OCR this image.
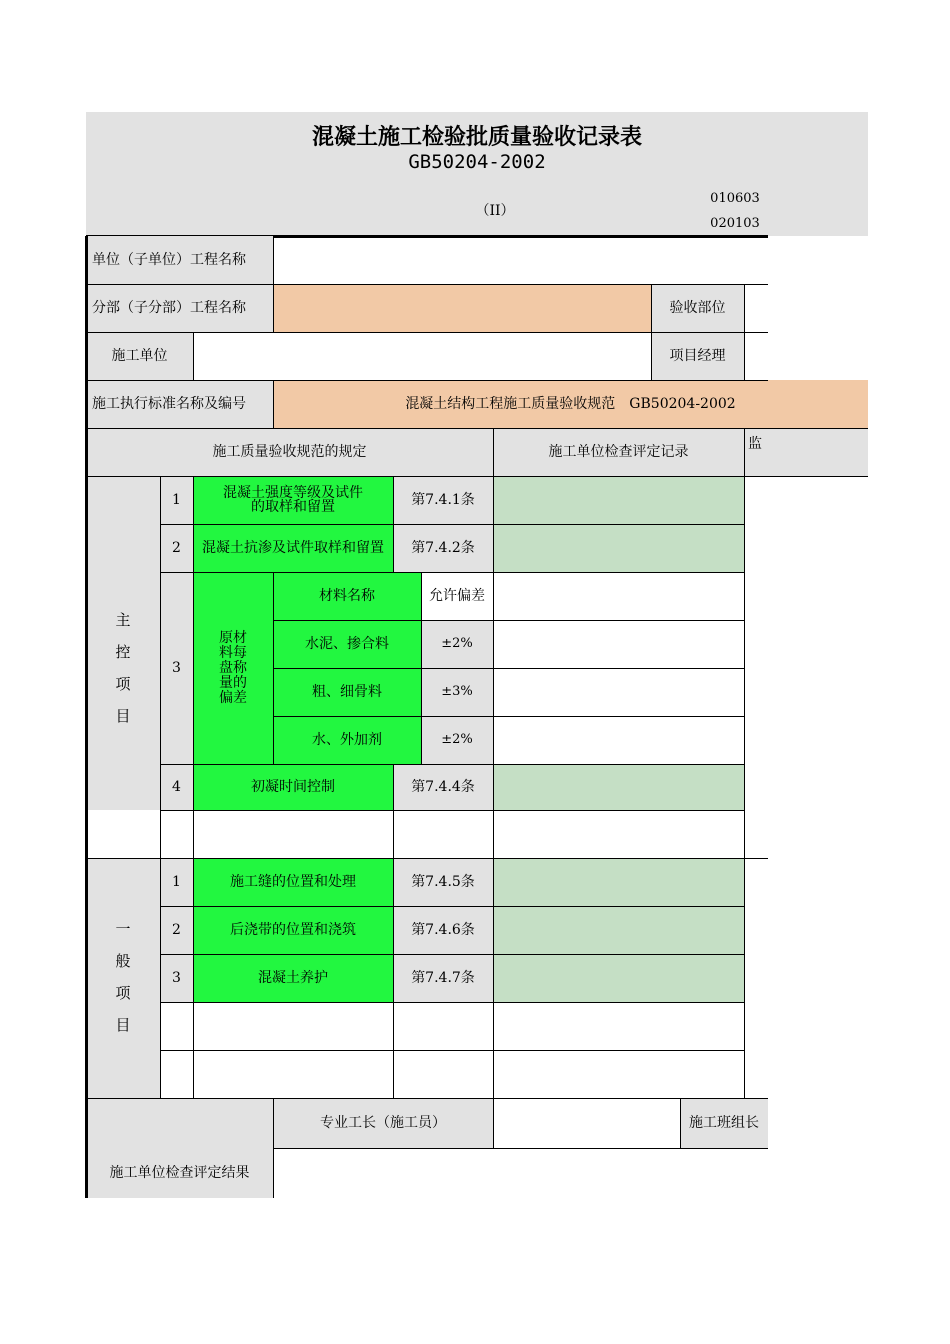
混凝土施工检验批质量验收记录表
GB50204-2002
（II）
010603
020103
单位（子单位）工程名称
分部（子分部）工程名称	验收部位
施工单位	项目经理
施工执行标准名称及编号	混凝土结构工程施工质量验收规范　GB50204-2002
施工质量验收规范的规定	施工单位检查评定记录	监
主
控
项
目
1	混凝土强度等级及试件的取样和留置	第7.4.1条
2	混凝土抗渗及试件取样和留置	第7.4.2条
3
原材料每盘称量的偏差
材料名称	允许偏差
水泥、掺合料	±2%
粗、细骨料	±3%
水、外加剂	±2%
4	初凝时间控制	第7.4.4条
一
般
项
目
1	施工缝的位置和处理	第7.4.5条
2	后浇带的位置和浇筑	第7.4.6条
3	混凝土养护	第7.4.7条
专业工长（施工员）	施工班组长
施工单位检查评定结果
